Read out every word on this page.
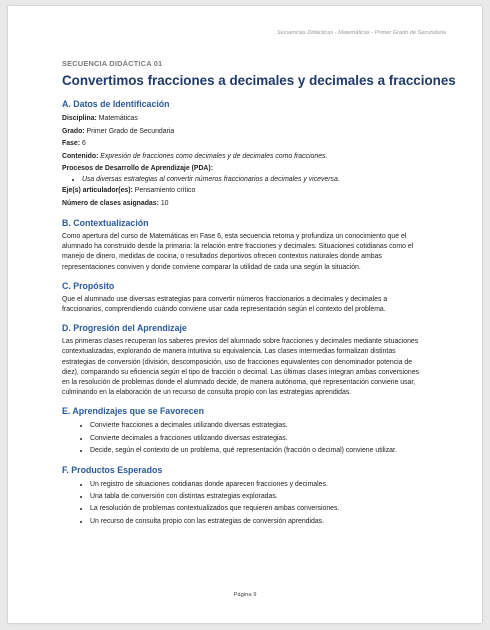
Secuencias Didácticas - Matemáticas - Primer Grado de Secundaria
SECUENCIA DIDÁCTICA 01
Convertimos fracciones a decimales y decimales a fracciones
A. Datos de Identificación
Disciplina: Matemáticas
Grado: Primer Grado de Secundaria
Fase: 6
Contenido: Expresión de fracciones como decimales y de decimales como fracciones.
Procesos de Desarrollo de Aprendizaje (PDA):
• Usa diversas estrategias al convertir números fraccionarios a decimales y viceversa.
Eje(s) articulador(es): Pensamiento crítico
Número de clases asignadas: 10
B. Contextualización

Como apertura del curso de Matemáticas en Fase 6, esta secuencia retoma y profundiza un conocimiento que el alumnado ha construido desde la primaria: la relación entre fracciones y decimales. Situaciones cotidianas como el manejo de dinero, medidas de cocina, o resultados deportivos ofrecen contextos naturales donde ambas representaciones conviven y donde conviene comparar la utilidad de cada una según la situación.

C. Propósito

Que el alumnado use diversas estrategias para convertir números fraccionarios a decimales y decimales a fraccionarios, comprendiendo cuándo conviene usar cada representación según el contexto del problema.

D. Progresión del Aprendizaje

Las primeras clases recuperan los saberes previos del alumnado sobre fracciones y decimales mediante situaciones contextualizadas, explorando de manera intuitiva su equivalencia. Las clases intermedias formalizan distintas estrategias de conversión (división, descomposición, uso de fracciones equivalentes con denominador potencia de diez), comparando su eficiencia según el tipo de fracción o decimal. Las últimas clases integran ambas conversiones en la resolución de problemas donde el alumnado decide, de manera autónoma, qué representación conviene usar, culminando en la elaboración de un recurso de consulta propio con las estrategias aprendidas.

E. Aprendizajes que se Favorecen
• Convierte fracciones a decimales utilizando diversas estrategias.
• Convierte decimales a fracciones utilizando diversas estrategias.
• Decide, según el contexto de un problema, qué representación (fracción o decimal) conviene utilizar.
F. Productos Esperados
• Un registro de situaciones cotidianas donde aparecen fracciones y decimales.
• Una tabla de conversión con distintas estrategias exploradas.
• La resolución de problemas contextualizados que requieren ambas conversiones.
• Un recurso de consulta propio con las estrategias de conversión aprendidas.
Página 9
